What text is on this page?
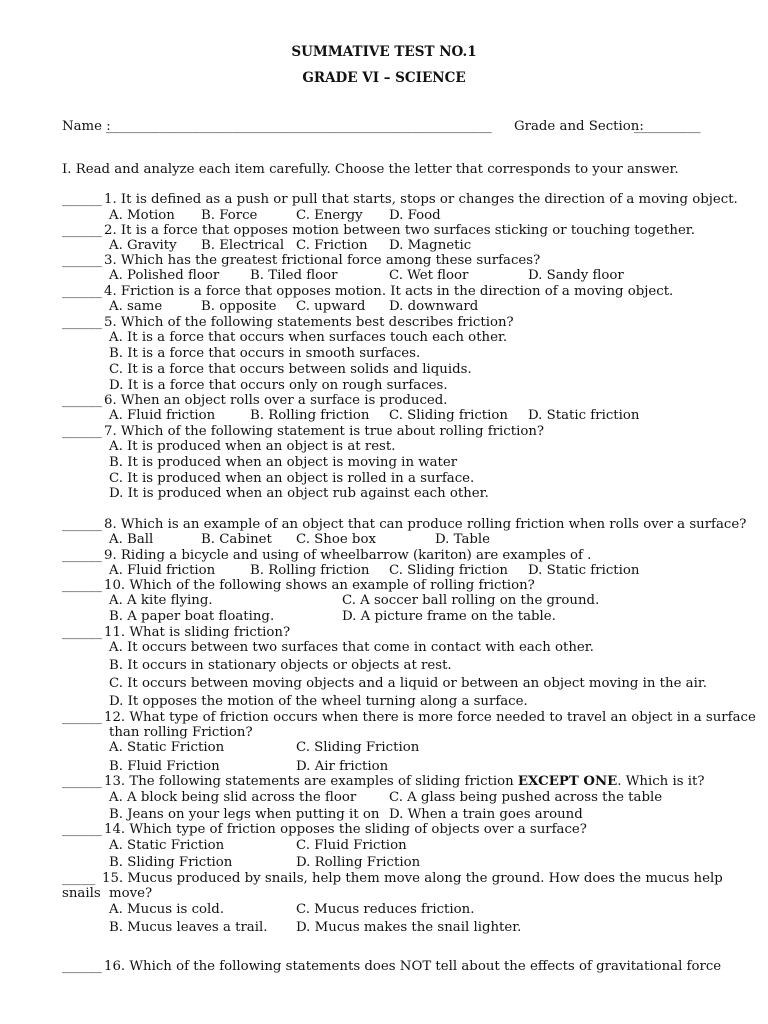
SUMMATIVE TEST NO.1
GRADE VI – SCIENCE
Name :
__________________________________________________________ Grade and Section:
__________
I. Read and analyze each item carefully. Choose the letter that corresponds to your answer.
______ 1. It is defined as a push or pull that starts, stops or changes the direction of a moving object.
A. Motion B. Force	C. Energy D. Food
______ 2. It is a force that opposes motion between two surfaces sticking or touching together.
A. Gravity B. Electrical C. Friction D. Magnetic
______ 3. Which has the greatest frictional force among these surfaces?
A. Polished floor B. Tiled floor	C. Wet floor	D. Sandy floor
______ 4. Friction is a force that opposes motion. It acts in the direction of a moving object.
A. same	B. opposite C. upward D. downward
______ 5. Which of the following statements best describes friction?
A. It is a force that occurs when surfaces touch each other.
B. It is a force that occurs in smooth surfaces.
C. It is a force that occurs between solids and liquids.
D. It is a force that occurs only on rough surfaces.
______ 6. When an object rolls over a surface is produced.
A. Fluid friction	B. Rolling friction C. Sliding friction D. Static friction
______ 7. Which of the following statement is true about rolling friction?
A. It is produced when an object is at rest.
B. It is produced when an object is moving in water
C. It is produced when an object is rolled in a surface.
D. It is produced when an object rub against each other.
______ 8. Which is an example of an object that can produce rolling friction when rolls over a surface?
A. Ball	B. Cabinet C. Shoe box	D. Table
______ 9. Riding a bicycle and using of wheelbarrow (kariton) are examples of .
A. Fluid friction	B. Rolling friction C. Sliding friction D. Static friction
______ 10. Which of the following shows an example of rolling friction?
A. A kite flying.	C. A soccer ball rolling on the ground.
B. A paper boat floating.	D. A picture frame on the table.
______ 11. What is sliding friction?
A. It occurs between two surfaces that come in contact with each other.
B. It occurs in stationary objects or objects at rest.
C. It occurs between moving objects and a liquid or between an object moving in the air.
D. It opposes the motion of the wheel turning along a surface.
______ 12. What type of friction occurs when there is more force needed to travel an object in a surface
than rolling Friction?
A. Static Friction	C. Sliding Friction
B. Fluid Friction	D. Air friction
______ 13. The following statements are examples of sliding friction EXCEPT ONE. Which is it?
A. A block being slid across the floor C. A glass being pushed across the table
B. Jeans on your legs when putting it on D. When a train goes around
______ 14. Which type of friction opposes the sliding of objects over a surface?
A. Static Friction	C. Fluid Friction
B. Sliding Friction	D. Rolling Friction
_____ 15. Mucus produced by snails, help them move along the ground. How does the mucus help
snails move?
A. Mucus is cold.	C. Mucus reduces friction.
B. Mucus leaves a trail. D. Mucus makes the snail lighter.
______ 16. Which of the following statements does NOT tell about the effects of gravitational force
